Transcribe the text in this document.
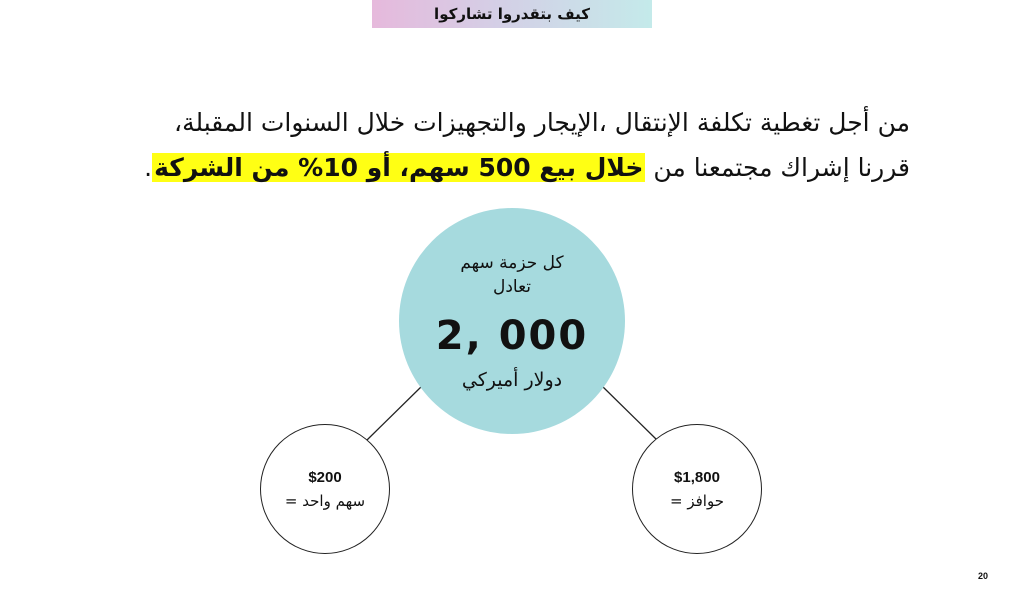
كيف بتقدروا تشاركوا
من أجل تغطية تكلفة الإنتقال ،الإيجار والتجهيزات خلال السنوات المقبلة،
قررنا إشراك مجتمعنا من خلال بيع 500 سهم، أو 10% من الشركة.
كل حزمة سهم
تعادل
2, 000
دولار أميركي
$200
سهم واحد =
$1,800
حوافز =
20
